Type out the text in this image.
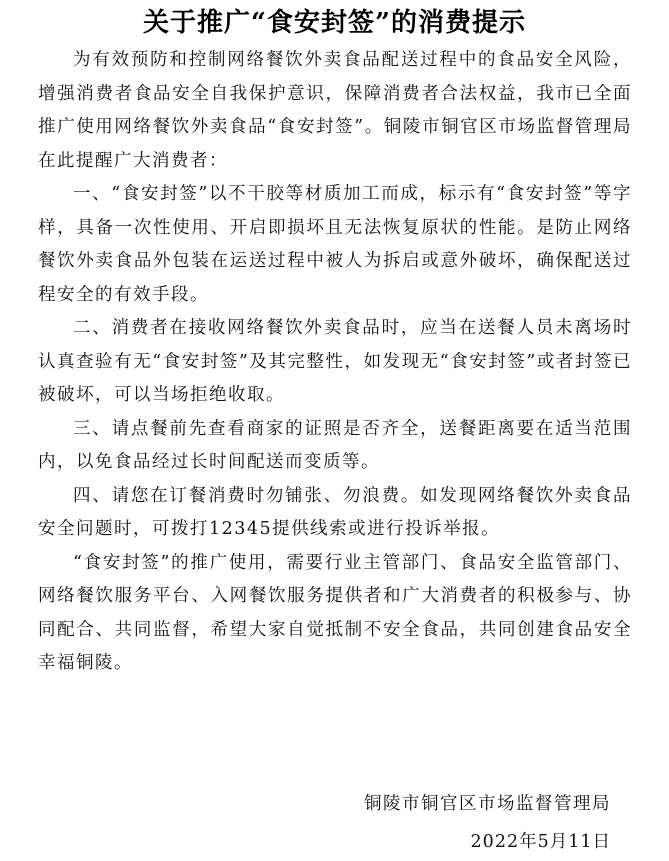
关于推广“食安封签”的消费提示

为有效预防和控制网络餐饮外卖食品配送过程中的食品安全风险，增强消费者食品安全自我保护意识，保障消费者合法权益，我市已全面推广使用网络餐饮外卖食品“食安封签”。铜陵市铜官区市场监督管理局在此提醒广大消费者：

一、“食安封签”以不干胶等材质加工而成，标示有“食安封签”等字样，具备一次性使用、开启即损坏且无法恢复原状的性能。是防止网络餐饮外卖食品外包装在运送过程中被人为拆启或意外破坏，确保配送过程安全的有效手段。

二、消费者在接收网络餐饮外卖食品时，应当在送餐人员未离场时认真查验有无“食安封签”及其完整性，如发现无“食安封签”或者封签已被破坏，可以当场拒绝收取。

三、请点餐前先查看商家的证照是否齐全，送餐距离要在适当范围内，以免食品经过长时间配送而变质等。

四、请您在订餐消费时勿铺张、勿浪费。如发现网络餐饮外卖食品安全问题时，可拨打12345提供线索或进行投诉举报。

“食安封签”的推广使用，需要行业主管部门、食品安全监管部门、网络餐饮服务平台、入网餐饮服务提供者和广大消费者的积极参与、协同配合、共同监督，希望大家自觉抵制不安全食品，共同创建食品安全幸福铜陵。

铜陵市铜官区市场监督管理局
2022年5月11日
